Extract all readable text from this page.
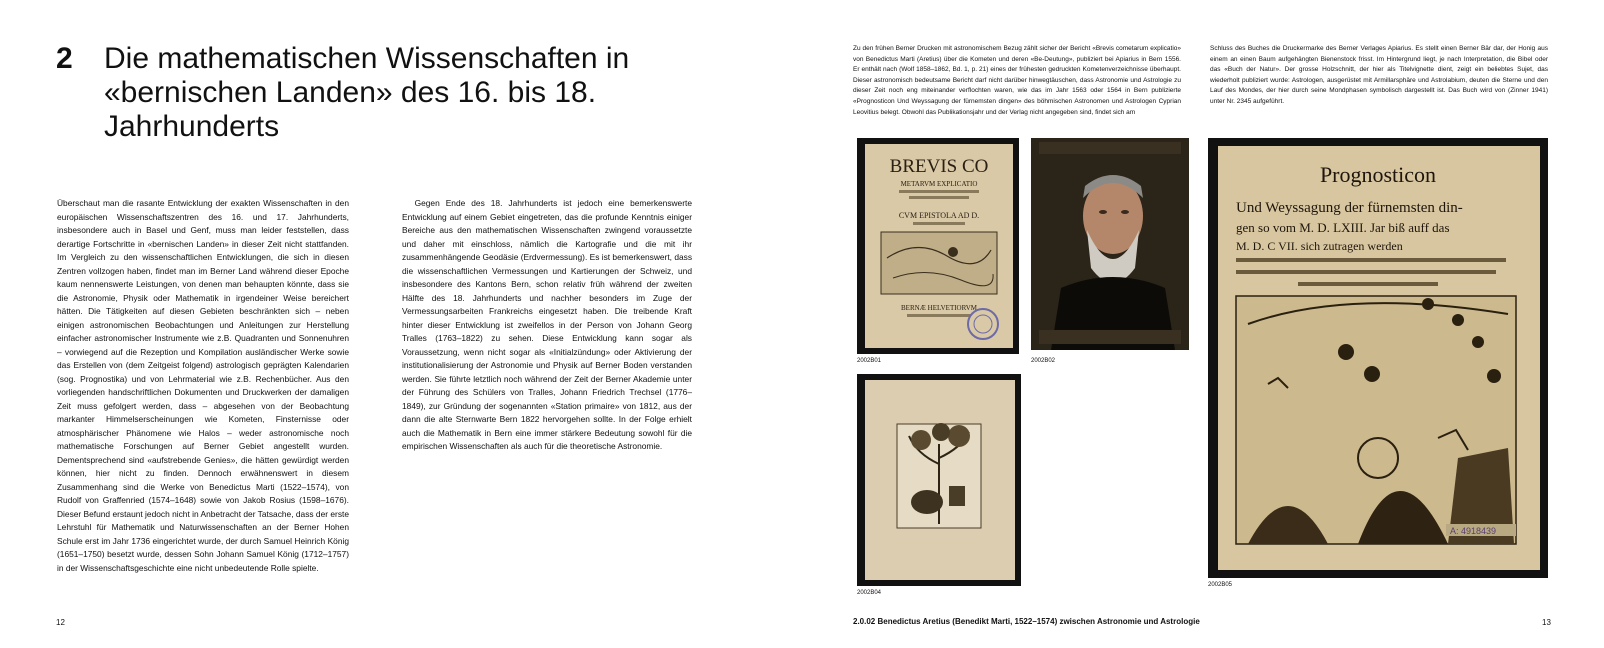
2 Die mathematischen Wissenschaften in «bernischen Landen» des 16. bis 18. Jahrhunderts
Überschaut man die rasante Entwicklung der exakten Wissenschaften in den europäischen Wissenschaftszentren des 16. und 17. Jahrhunderts, insbesondere auch in Basel und Genf, muss man leider feststellen, dass derartige Fortschritte in «bernischen Landen» in dieser Zeit nicht stattfanden. Im Vergleich zu den wissenschaftlichen Entwicklungen, die sich in diesen Zentren vollzogen haben, findet man im Berner Land während dieser Epoche kaum nennenswerte Leistungen, von denen man behaupten könnte, dass sie die Astronomie, Physik oder Mathematik in irgendeiner Weise bereichert hätten. Die Tätigkeiten auf diesen Gebieten beschränkten sich – neben einigen astronomischen Beobachtungen und Anleitungen zur Herstellung einfacher astronomischer Instrumente wie z.B. Quadranten und Sonnenuhren – vorwiegend auf die Rezeption und Kompilation ausländischer Werke sowie das Erstellen von (dem Zeitgeist folgend) astrologisch geprägten Kalendarien (sog. Prognostika) und von Lehrmaterial wie z.B. Rechenbücher. Aus den vorliegenden handschriftlichen Dokumenten und Druckwerken der damaligen Zeit muss gefolgert werden, dass – abgesehen von der Beobachtung markanter Himmelserscheinungen wie Kometen, Finsternisse oder atmosphärischer Phänomene wie Halos – weder astronomische noch mathematische Forschungen auf Berner Gebiet angestellt wurden. Dementsprechend sind «aufstrebende Genies», die hätten gewürdigt werden können, hier nicht zu finden. Dennoch erwähnenswert in diesem Zusammenhang sind die Werke von Benedictus Marti (1522–1574), von Rudolf von Graffenried (1574–1648) sowie von Jakob Rosius (1598–1676). Dieser Befund erstaunt jedoch nicht in Anbetracht der Tatsache, dass der erste Lehrstuhl für Mathematik und Naturwissenschaften an der Berner Hohen Schule erst im Jahr 1736 eingerichtet wurde, der durch Samuel Heinrich König (1651–1750) besetzt wurde, dessen Sohn Johann Samuel König (1712–1757) in der Wissenschaftsgeschichte eine nicht unbedeutende Rolle spielte.
Gegen Ende des 18. Jahrhunderts ist jedoch eine bemerkenswerte Entwicklung auf einem Gebiet eingetreten, das die profunde Kenntnis einiger Bereiche aus den mathematischen Wissenschaften zwingend voraussetzte und daher mit einschloss, nämlich die Kartografie und die mit ihr zusammenhängende Geodäsie (Erdvermessung). Es ist bemerkenswert, dass die wissenschaftlichen Vermessungen und Kartierungen der Schweiz, und insbesondere des Kantons Bern, schon relativ früh während der zweiten Hälfte des 18. Jahrhunderts und nachher besonders im Zuge der Vermessungsarbeiten Frankreichs eingesetzt haben. Die treibende Kraft hinter dieser Entwicklung ist zweifellos in der Person von Johann Georg Tralles (1763–1822) zu sehen. Diese Entwicklung kann sogar als Voraussetzung, wenn nicht sogar als «Initialzündung» oder Aktivierung der institutionalisierung der Astronomie und Physik auf Berner Boden verstanden werden. Sie führte letztlich noch während der Zeit der Berner Akademie unter der Führung des Schülers von Tralles, Johann Friedrich Trechsel (1776–1849), zur Gründung der sogenannten «Station primaire» von 1812, aus der dann die alte Sternwarte Bern 1822 hervorgehen sollte. In der Folge erhielt auch die Mathematik in Bern eine immer stärkere Bedeutung sowohl für die empirischen Wissenschaften als auch für die theoretische Astronomie.
12
Zu den frühen Berner Drucken mit astronomischem Bezug zählt sicher der Bericht «Brevis cometarum explicatio» von Benedictus Marti (Aretius) über die Kometen und deren «Be-Deutung», publiziert bei Apiarius in Bern 1556. Er enthält nach (Wolf 1858–1862, Bd. 1, p. 21) eines der frühesten gedruckten Kometenverzeichnisse überhaupt. Dieser astronomisch bedeutsame Bericht darf nicht darüber hinwegtäuschen, dass Astronomie und Astrologie zu dieser Zeit noch eng miteinander verflochten waren, wie das im Jahr 1563 oder 1564 in Bern publizierte «Prognosticon Und Weyssagung der fürnemsten dingen» des böhmischen Astronomen und Astrologen Cyprian Leovitius belegt. Obwohl das Publikationsjahr und der Verlag nicht angegeben sind, findet sich am
Schluss des Buches die Druckermarke des Berner Verlages Apiarius. Es stellt einen Berner Bär dar, der Honig aus einem an einen Baum aufgehängten Bienenstock frisst. Im Hintergrund liegt, je nach Interpretation, die Bibel oder das «Buch der Natur». Der grosse Holzschnitt, der hier als Titelvignette dient, zeigt ein beliebtes Sujet, das wiederholt publiziert wurde: Astrologen, ausgerüstet mit Armillarsphäre und Astrolabium, deuten die Sterne und den Lauf des Mondes, der hier durch seine Mondphasen symbolisch dargestellt ist. Das Buch wird von (Zinner 1941) unter Nr. 2345 aufgeführt.
BREVIS CO
METARVM EXPLICATIO
CVM EPISTOLA AD D.
BERNÆ HELVETIORVM
2002B01	2002B02
2002B04
Prognosticon
Und Weyssagung der fürnemsten din-
gen so vom M. D. LXIII. Jar biß auff das
M. D. C VII. sich zutragen werden
A: 4918439
2002B05
2.0.02 Benedictus Aretius (Benedikt Marti, 1522–1574) zwischen Astronomie und Astrologie	13
